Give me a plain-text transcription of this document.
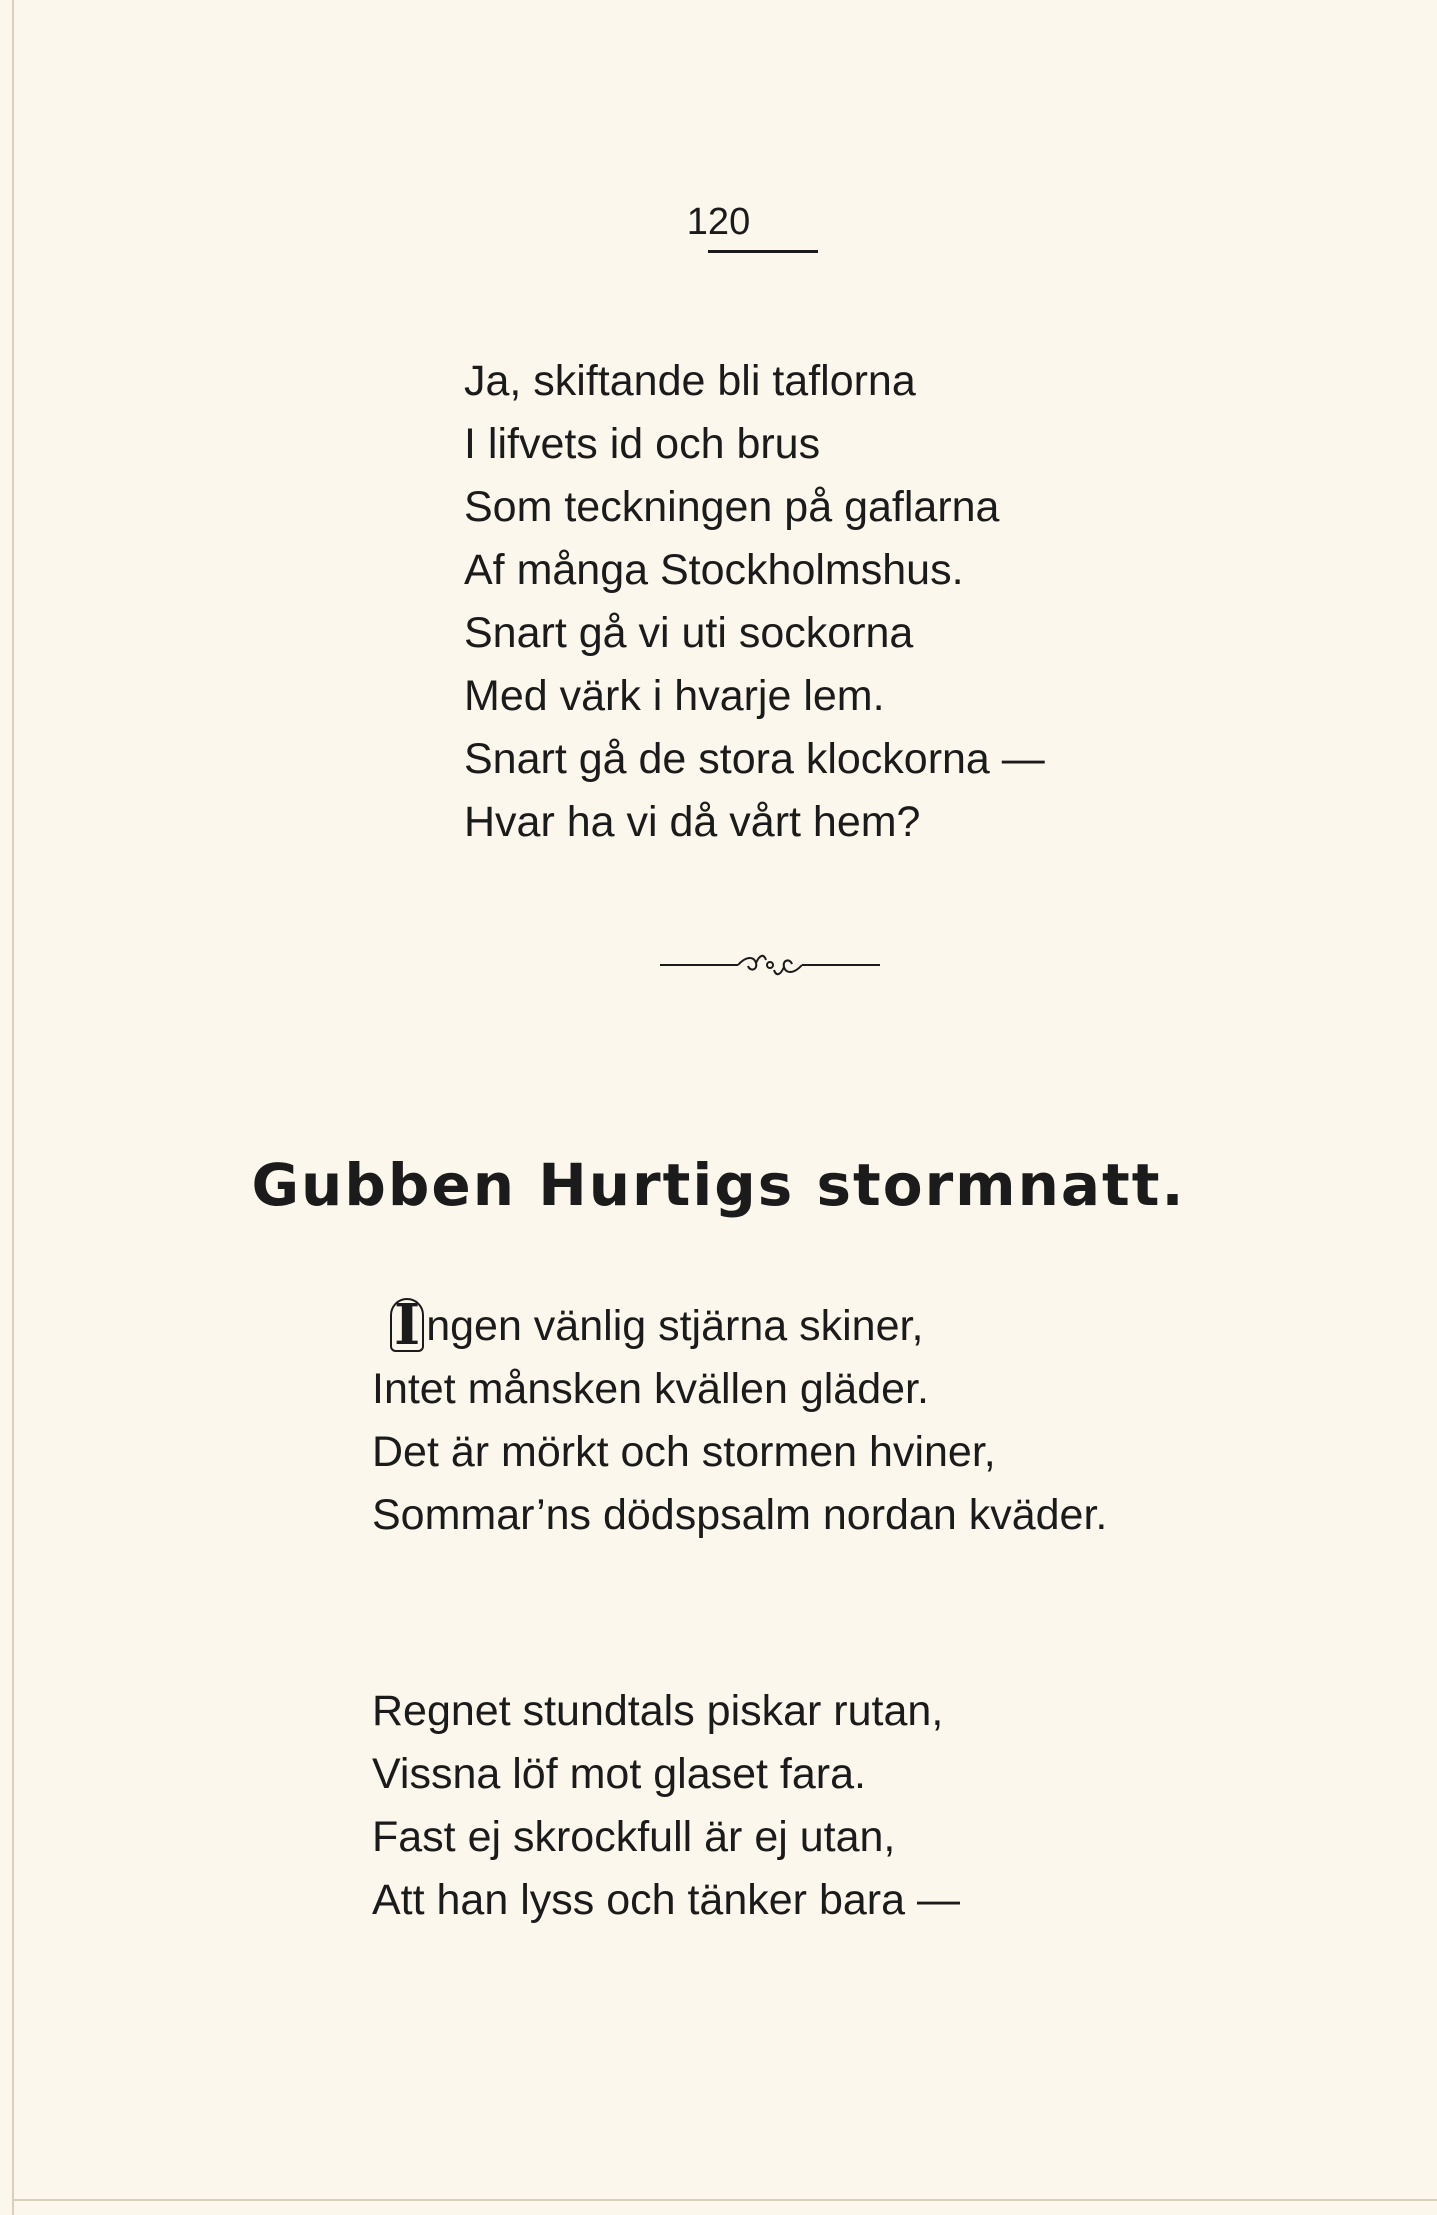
120
Ja, skiftande bli taflorna
I lifvets id och brus
Som teckningen på gaflarna
Af många Stockholmshus.
Snart gå vi uti sockorna
Med värk i hvarje lem.
Snart gå de stora klockorna —
Hvar ha vi då vårt hem?
Gubben Hurtigs stormnatt.
I ngen vänlig stjärna skiner,
Intet månsken kvällen gläder.
Det är mörkt och stormen hviner,
Sommar’ns dödspsalm nordan kväder.
Regnet stundtals piskar rutan,
Vissna löf mot glaset fara.
Fast ej skrockfull är ej utan,
Att han lyss och tänker bara —
